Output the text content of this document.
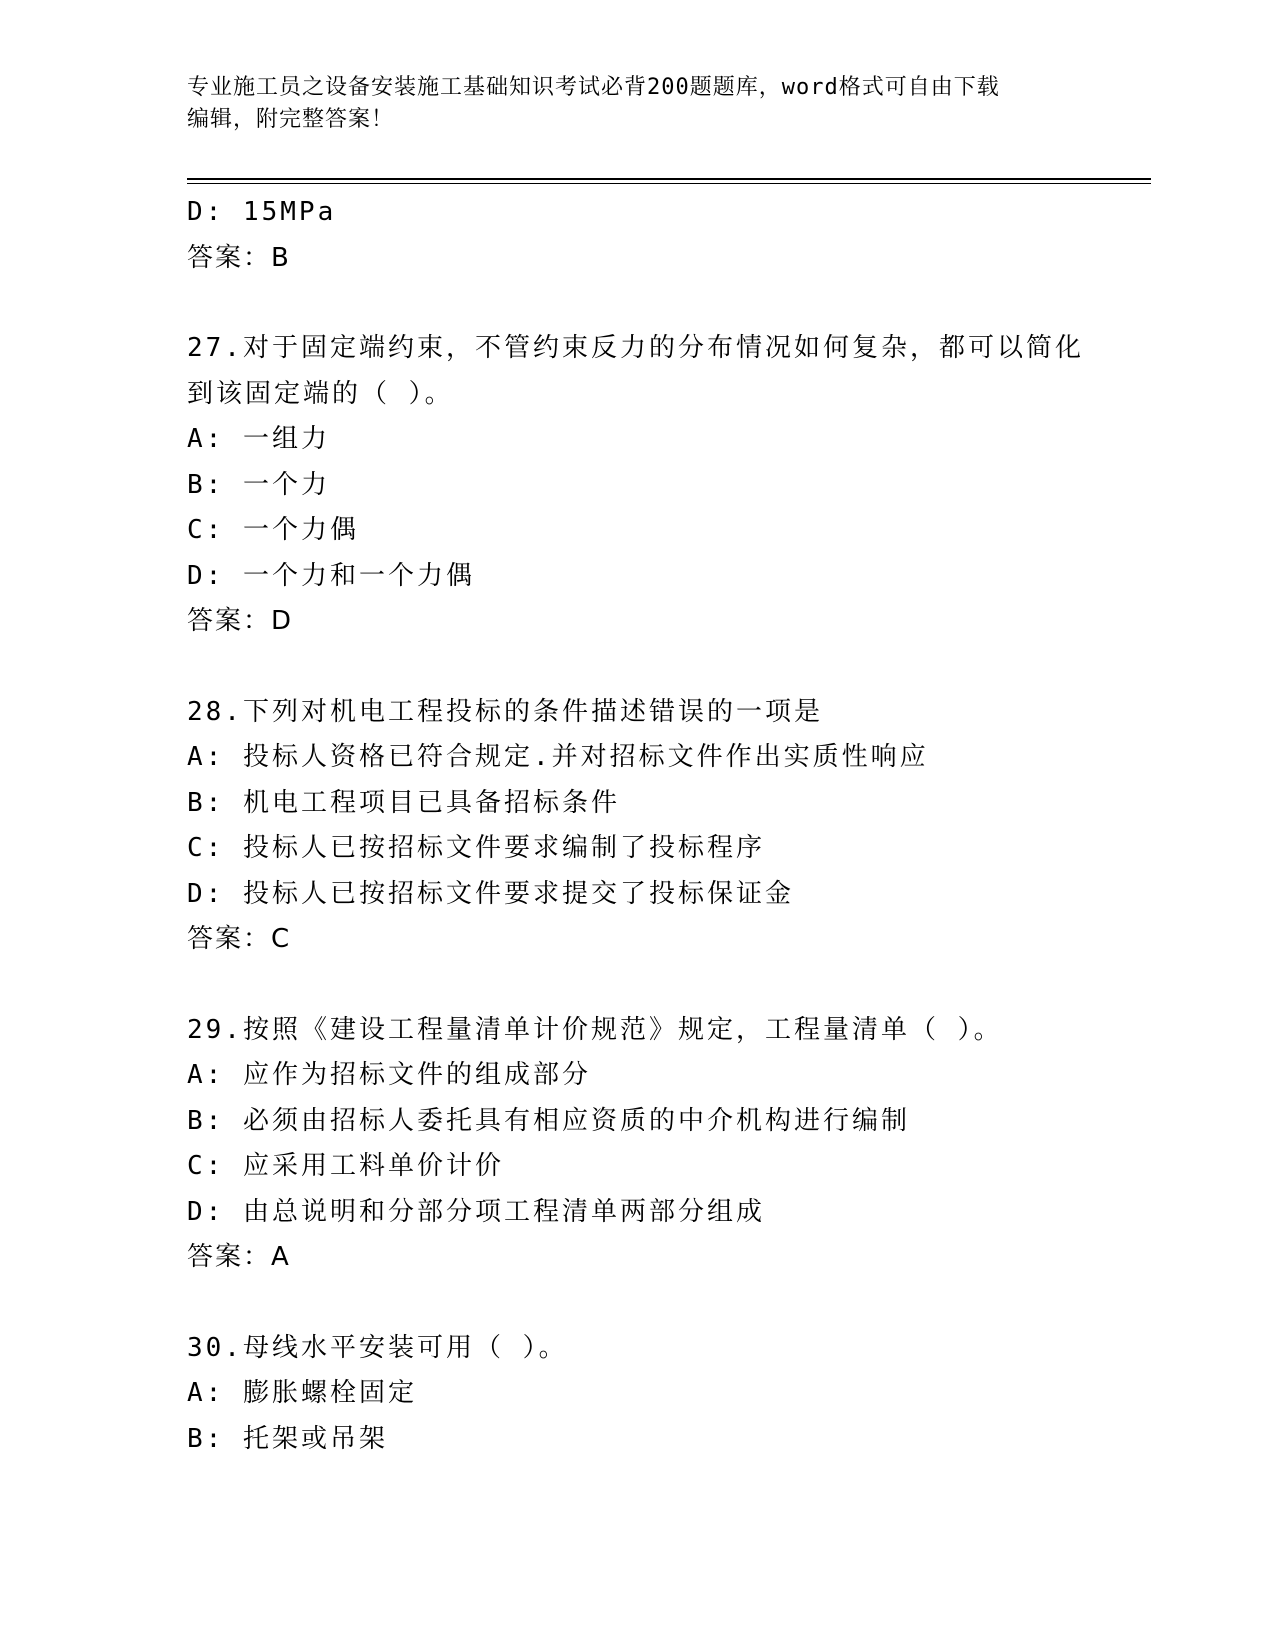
专业施工员之设备安装施工基础知识考试必背200题题库，word格式可自由下载
编辑，附完整答案！
D: 15MPa
答案：B
27.对于固定端约束，不管约束反力的分布情况如何复杂，都可以简化
到该固定端的（ ）。
A: 一组力
B: 一个力
C: 一个力偶
D: 一个力和一个力偶
答案：D
28.下列对机电工程投标的条件描述错误的一项是
A: 投标人资格已符合规定.并对招标文件作出实质性响应
B: 机电工程项目已具备招标条件
C: 投标人已按招标文件要求编制了投标程序
D: 投标人已按招标文件要求提交了投标保证金
答案：C
29.按照《建设工程量清单计价规范》规定，工程量清单（ ）。
A: 应作为招标文件的组成部分
B: 必须由招标人委托具有相应资质的中介机构进行编制
C: 应采用工料单价计价
D: 由总说明和分部分项工程清单两部分组成
答案：A
30.母线水平安装可用（ ）。
A: 膨胀螺栓固定
B: 托架或吊架
